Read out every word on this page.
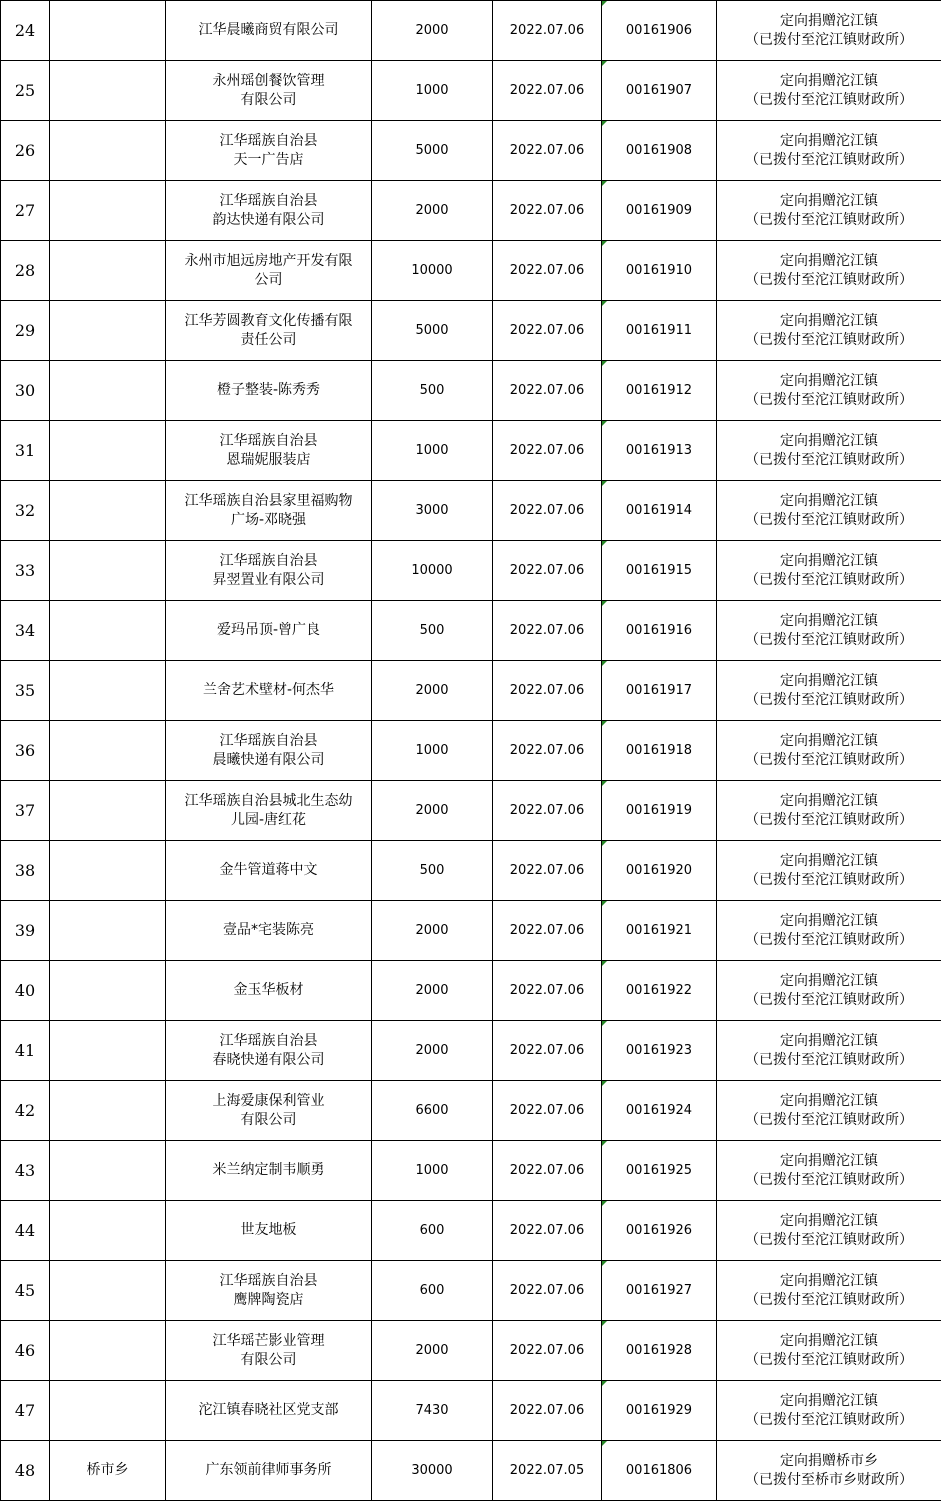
24		江华晨曦商贸有限公司	2000	2022.07.06	00161906	定向捐赠沱江镇
（已拨付至沱江镇财政所）

25		永州瑶创餐饮管理
有限公司	1000	2022.07.06	00161907	定向捐赠沱江镇
（已拨付至沱江镇财政所）

26		江华瑶族自治县
天一广告店	5000	2022.07.06	00161908	定向捐赠沱江镇
（已拨付至沱江镇财政所）

27		江华瑶族自治县
韵达快递有限公司	2000	2022.07.06	00161909	定向捐赠沱江镇
（已拨付至沱江镇财政所）

28		永州市旭远房地产开发有限
公司	10000	2022.07.06	00161910	定向捐赠沱江镇
（已拨付至沱江镇财政所）

29		江华芳圆教育文化传播有限
责任公司	5000	2022.07.06	00161911	定向捐赠沱江镇
（已拨付至沱江镇财政所）

30		橙子整装-陈秀秀	500	2022.07.06	00161912	定向捐赠沱江镇
（已拨付至沱江镇财政所）

31		江华瑶族自治县
恩瑞妮服装店	1000	2022.07.06	00161913	定向捐赠沱江镇
（已拨付至沱江镇财政所）

32		江华瑶族自治县家里福购物
广场-邓晓强	3000	2022.07.06	00161914	定向捐赠沱江镇
（已拨付至沱江镇财政所）

33		江华瑶族自治县
昇翌置业有限公司	10000	2022.07.06	00161915	定向捐赠沱江镇
（已拨付至沱江镇财政所）

34		爱玛吊顶-曾广良	500	2022.07.06	00161916	定向捐赠沱江镇
（已拨付至沱江镇财政所）

35		兰舍艺术壁材-何杰华	2000	2022.07.06	00161917	定向捐赠沱江镇
（已拨付至沱江镇财政所）

36		江华瑶族自治县
晨曦快递有限公司	1000	2022.07.06	00161918	定向捐赠沱江镇
（已拨付至沱江镇财政所）

37		江华瑶族自治县城北生态幼
儿园-唐红花	2000	2022.07.06	00161919	定向捐赠沱江镇
（已拨付至沱江镇财政所）

38		金牛管道蒋中文	500	2022.07.06	00161920	定向捐赠沱江镇
（已拨付至沱江镇财政所）

39		壹品*宅装陈亮	2000	2022.07.06	00161921	定向捐赠沱江镇
（已拨付至沱江镇财政所）

40		金玉华板材	2000	2022.07.06	00161922	定向捐赠沱江镇
（已拨付至沱江镇财政所）

41		江华瑶族自治县
春晓快递有限公司	2000	2022.07.06	00161923	定向捐赠沱江镇
（已拨付至沱江镇财政所）

42		上海爱康保利管业
有限公司	6600	2022.07.06	00161924	定向捐赠沱江镇
（已拨付至沱江镇财政所）

43		米兰纳定制韦顺勇	1000	2022.07.06	00161925	定向捐赠沱江镇
（已拨付至沱江镇财政所）

44		世友地板	600	2022.07.06	00161926	定向捐赠沱江镇
（已拨付至沱江镇财政所）

45		江华瑶族自治县
鹰牌陶瓷店	600	2022.07.06	00161927	定向捐赠沱江镇
（已拨付至沱江镇财政所）

46		江华瑶芒影业管理
有限公司	2000	2022.07.06	00161928	定向捐赠沱江镇
（已拨付至沱江镇财政所）

47		沱江镇春晓社区党支部	7430	2022.07.06	00161929	定向捐赠沱江镇
（已拨付至沱江镇财政所）

48	桥市乡	广东领前律师事务所	30000	2022.07.05	00161806	定向捐赠桥市乡
（已拨付至桥市乡财政所）
